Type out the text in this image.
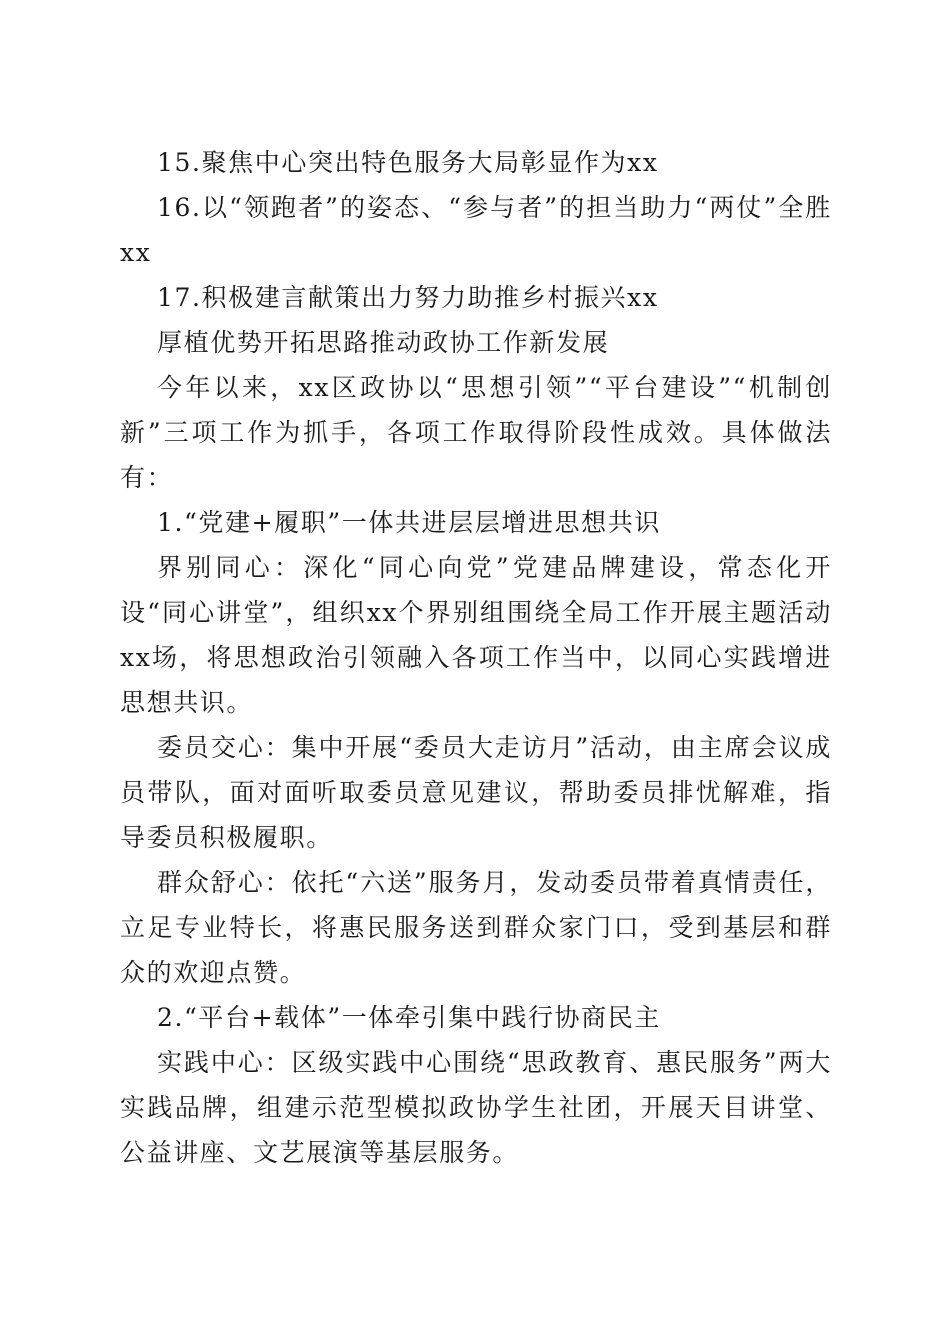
15.聚焦中心突出特色服务大局彰显作为xx

16.以“领跑者”的姿态、“参与者”的担当助力“两仗”全胜xx

17.积极建言献策出力努力助推乡村振兴xx

厚植优势开拓思路推动政协工作新发展

今年以来，xx区政协以“思想引领”“平台建设”“机制创新”三项工作为抓手，各项工作取得阶段性成效。具体做法有：

1.“党建+履职”一体共进层层增进思想共识

界别同心：深化“同心向党”党建品牌建设，常态化开设“同心讲堂”，组织xx个界别组围绕全局工作开展主题活动xx场，将思想政治引领融入各项工作当中，以同心实践增进思想共识。

委员交心：集中开展“委员大走访月”活动，由主席会议成员带队，面对面听取委员意见建议，帮助委员排忧解难，指导委员积极履职。

群众舒心：依托“六送”服务月，发动委员带着真情责任，立足专业特长，将惠民服务送到群众家门口，受到基层和群众的欢迎点赞。

2.“平台+载体”一体牵引集中践行协商民主

实践中心：区级实践中心围绕“思政教育、惠民服务”两大实践品牌，组建示范型模拟政协学生社团，开展天目讲堂、公益讲座、文艺展演等基层服务。
